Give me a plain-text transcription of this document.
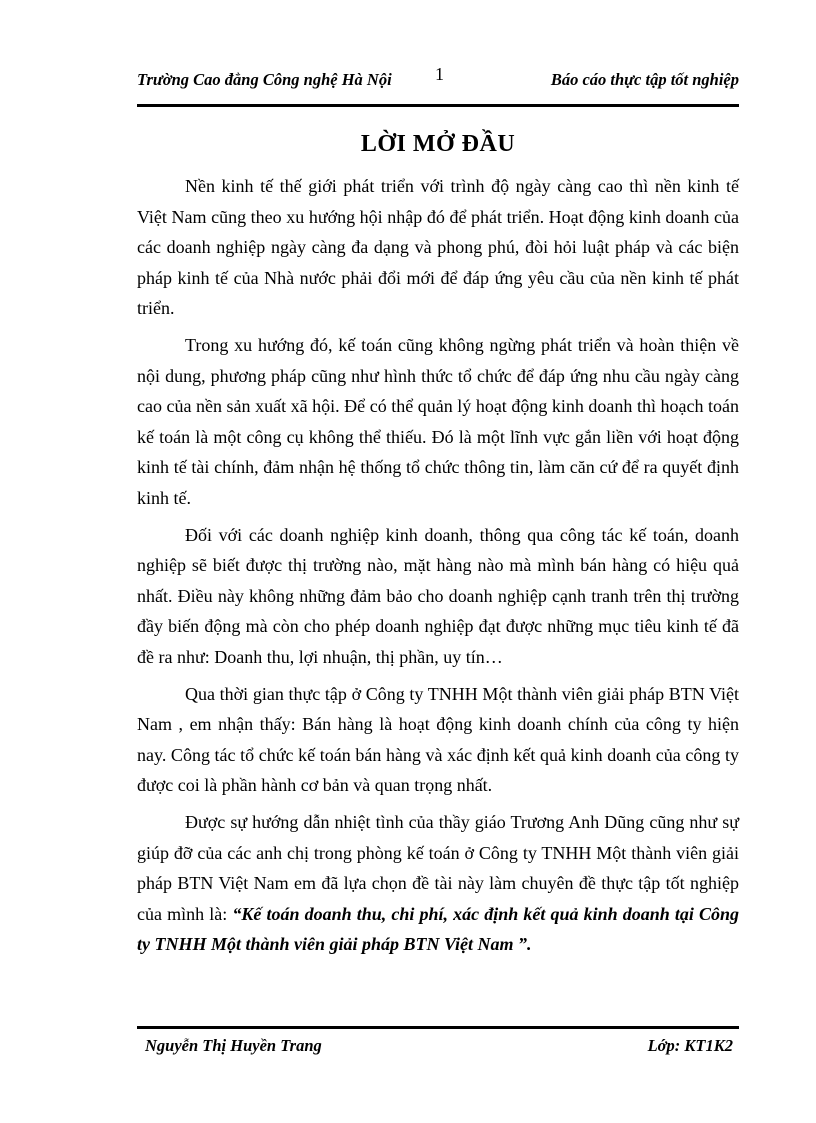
Trường Cao đẳng Công nghệ Hà Nội 1	Báo cáo thực tập tốt nghiệp
LỜI MỞ ĐẦU

Nền kinh tế thế giới phát triển với trình độ ngày càng cao thì nền kinh tế Việt Nam cũng theo xu hướng hội nhập đó để phát triển. Hoạt động kinh doanh của các doanh nghiệp ngày càng đa dạng và phong phú, đòi hỏi luật pháp và các biện pháp kinh tế của Nhà nước phải đổi mới để đáp ứng yêu cầu của nền kinh tế phát triển.

Trong xu hướng đó, kế toán cũng không ngừng phát triển và hoàn thiện về nội dung, phương pháp cũng như hình thức tổ chức để đáp ứng nhu cầu ngày càng cao của nền sản xuất xã hội. Để có thể quản lý hoạt động kinh doanh thì hoạch toán kế toán là một công cụ không thể thiếu. Đó là một lĩnh vực gắn liền với hoạt động kinh tế tài chính, đảm nhận hệ thống tổ chức thông tin, làm căn cứ để ra quyết định kinh tế.

Đối với các doanh nghiệp kinh doanh, thông qua công tác kế toán, doanh nghiệp sẽ biết được thị trường nào, mặt hàng nào mà mình bán hàng có hiệu quả nhất. Điều này không những đảm bảo cho doanh nghiệp cạnh tranh trên thị trường đầy biến động mà còn cho phép doanh nghiệp đạt được những mục tiêu kinh tế đã đề ra như: Doanh thu, lợi nhuận, thị phần, uy tín…

Qua thời gian thực tập ở Công ty TNHH Một thành viên giải pháp BTN Việt Nam , em nhận thấy: Bán hàng là hoạt động kinh doanh chính của công ty hiện nay. Công tác tổ chức kế toán bán hàng và xác định kết quả kinh doanh của công ty được coi là phần hành cơ bản và quan trọng nhất.

Được sự hướng dẫn nhiệt tình của thầy giáo Trương Anh Dũng cũng như sự giúp đỡ của các anh chị trong phòng kế toán ở Công ty TNHH Một thành viên giải pháp BTN Việt Nam em đã lựa chọn đề tài này làm chuyên đề thực tập tốt nghiệp của mình là: “Kế toán doanh thu, chi phí, xác định kết quả kinh doanh tại Công ty TNHH Một thành viên giải pháp BTN Việt Nam ”.

Nguyễn Thị Huyền Trang	Lớp: KT1K2
